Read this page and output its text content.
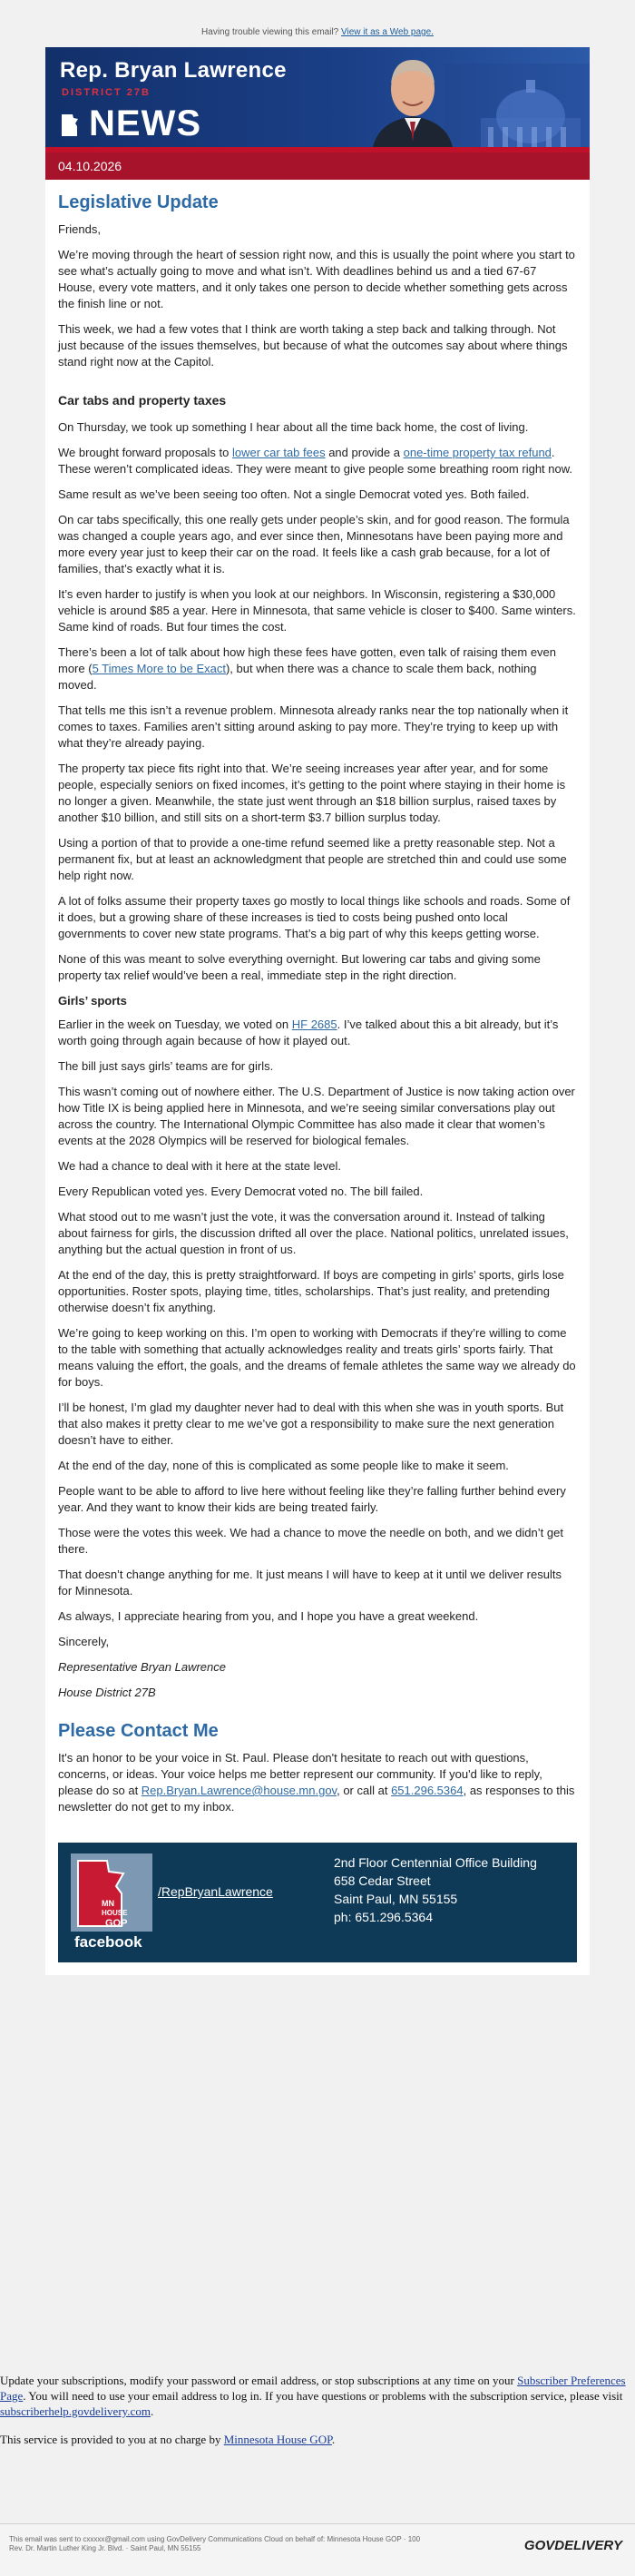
Having trouble viewing this email? View it as a Web page.
Rep. Bryan Lawrence
DISTRICT 27B
NEWS
04.10.2026
Legislative Update

Friends,

We’re moving through the heart of session right now, and this is usually the point where you start to see what’s actually going to move and what isn’t. With deadlines behind us and a tied 67-67 House, every vote matters, and it only takes one person to decide whether something gets across the finish line or not.

This week, we had a few votes that I think are worth taking a step back and talking through. Not just because of the issues themselves, but because of what the outcomes say about where things stand right now at the Capitol.

Car tabs and property taxes

On Thursday, we took up something I hear about all the time back home, the cost of living.

We brought forward proposals to lower car tab fees and provide a one-time property tax refund. These weren’t complicated ideas. They were meant to give people some breathing room right now.

Same result as we’ve been seeing too often. Not a single Democrat voted yes. Both failed.

On car tabs specifically, this one really gets under people’s skin, and for good reason. The formula was changed a couple years ago, and ever since then, Minnesotans have been paying more and more every year just to keep their car on the road. It feels like a cash grab because, for a lot of families, that’s exactly what it is.

It’s even harder to justify is when you look at our neighbors. In Wisconsin, registering a $30,000 vehicle is around $85 a year. Here in Minnesota, that same vehicle is closer to $400. Same winters. Same kind of roads. But four times the cost.

There’s been a lot of talk about how high these fees have gotten, even talk of raising them even more (5 Times More to be Exact), but when there was a chance to scale them back, nothing moved.

That tells me this isn’t a revenue problem. Minnesota already ranks near the top nationally when it comes to taxes. Families aren’t sitting around asking to pay more. They’re trying to keep up with what they’re already paying.

The property tax piece fits right into that. We’re seeing increases year after year, and for some people, especially seniors on fixed incomes, it’s getting to the point where staying in their home is no longer a given. Meanwhile, the state just went through an $18 billion surplus, raised taxes by another $10 billion, and still sits on a short-term $3.7 billion surplus today.

Using a portion of that to provide a one-time refund seemed like a pretty reasonable step. Not a permanent fix, but at least an acknowledgment that people are stretched thin and could use some help right now.

A lot of folks assume their property taxes go mostly to local things like schools and roads. Some of it does, but a growing share of these increases is tied to costs being pushed onto local governments to cover new state programs. That’s a big part of why this keeps getting worse.

None of this was meant to solve everything overnight. But lowering car tabs and giving some property tax relief would’ve been a real, immediate step in the right direction.

Girls’ sports

Earlier in the week on Tuesday, we voted on HF 2685. I’ve talked about this a bit already, but it’s worth going through again because of how it played out.

The bill just says girls’ teams are for girls.

This wasn’t coming out of nowhere either. The U.S. Department of Justice is now taking action over how Title IX is being applied here in Minnesota, and we’re seeing similar conversations play out across the country. The International Olympic Committee has also made it clear that women’s events at the 2028 Olympics will be reserved for biological females.

We had a chance to deal with it here at the state level.

Every Republican voted yes. Every Democrat voted no. The bill failed.

What stood out to me wasn’t just the vote, it was the conversation around it. Instead of talking about fairness for girls, the discussion drifted all over the place. National politics, unrelated issues, anything but the actual question in front of us.

At the end of the day, this is pretty straightforward. If boys are competing in girls’ sports, girls lose opportunities. Roster spots, playing time, titles, scholarships. That’s just reality, and pretending otherwise doesn’t fix anything.

We’re going to keep working on this. I’m open to working with Democrats if they’re willing to come to the table with something that actually acknowledges reality and treats girls’ sports fairly. That means valuing the effort, the goals, and the dreams of female athletes the same way we already do for boys.

I’ll be honest, I’m glad my daughter never had to deal with this when she was in youth sports. But that also makes it pretty clear to me we’ve got a responsibility to make sure the next generation doesn’t have to either.

At the end of the day, none of this is complicated as some people like to make it seem.

People want to be able to afford to live here without feeling like they’re falling further behind every year. And they want to know their kids are being treated fairly.

Those were the votes this week. We had a chance to move the needle on both, and we didn’t get there.

That doesn’t change anything for me. It just means I will have to keep at it until we deliver results for Minnesota.

As always, I appreciate hearing from you, and I hope you have a great weekend.

Sincerely,

Representative Bryan Lawrence

House District 27B

Please Contact Me

It's an honor to be your voice in St. Paul. Please don't hesitate to reach out with questions, concerns, or ideas. Your voice helps me better represent our community. If you'd like to reply, please do so at Rep.Bryan.Lawrence@house.mn.gov, or call at 651.296.5364, as responses to this newsletter do not get to my inbox.

MN
HOUSE
GOP
facebook
/RepBryanLawrence
2nd Floor Centennial Office Building
658 Cedar Street
Saint Paul, MN 55155
ph: 651.296.5364

Update your subscriptions, modify your password or email address, or stop subscriptions at any time on your Subscriber Preferences Page. You will need to use your email address to log in. If you have questions or problems with the subscription service, please visit subscriberhelp.govdelivery.com.

This service is provided to you at no charge by Minnesota House GOP.

This email was sent to cxxxxx@gmail.com using GovDelivery Communications Cloud on behalf of: Minnesota House GOP · 100
Rev. Dr. Martin Luther King Jr. Blvd. · Saint Paul, MN 55155	GOVDELIVERY
